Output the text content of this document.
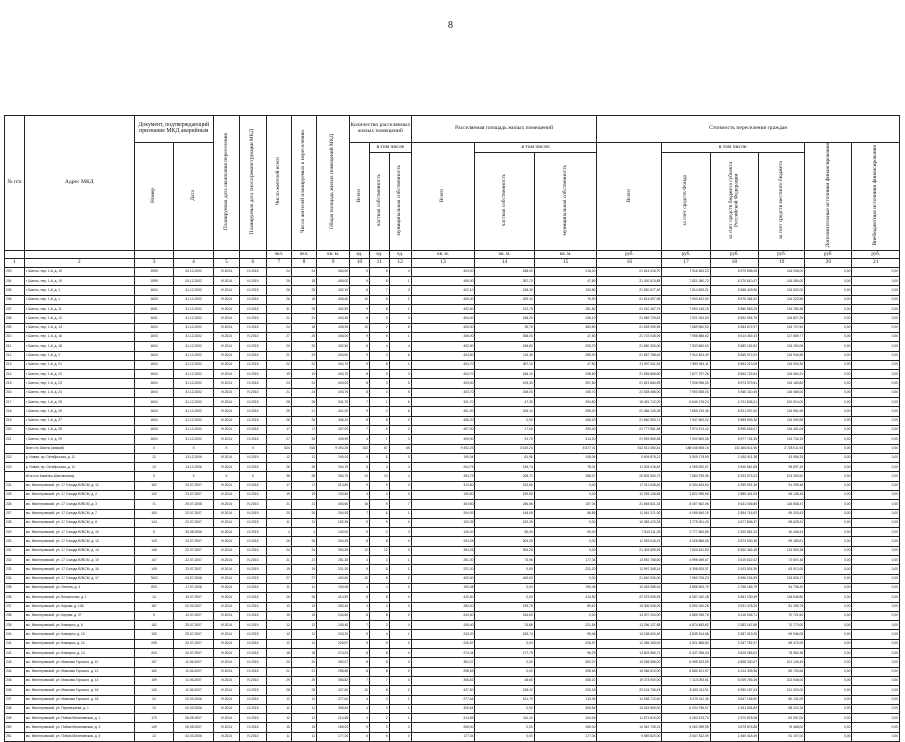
8
№ п/п	Адрес МКД	Документ, подтверждающий признание МКД аварийным		Планируемая дата окончания переселения	Планируемая дата сноса/реконструкции МКД	Число жителей всего	Число жителей планируемых к переселению	Общая площадь жилых помещений МКД	Количество расселяемых жилых помещений			Расселяемая площадь жилых помещений			Стоимость переселения граждан					
		Номер	Дата						Всего	в том числе		Всего	в том числе:		Всего	в том числе:			Дополнительные источники финансирования	Внебюджетные источники финансирования
										частная собственность	муниципальная собственность		частная собственность	муниципальная собственность		за счет средств Фонда	за счет средств бюджета субъекта Российской Федерации	за счет средств местного бюджета		
						чел.	чел.	кв. м.	ед.	ед.	ед.	кв. м.	кв. м.	кв. м.	руб.	руб.	руб.	руб.	руб.	руб.
1	2	3	4	5	6	7	8	9	10	11	12	13	14	15	16	17	18	19	20	21
203	г. Шахты, пер. 1-й, д. 19	1599	20.12.2002	IV.2014	IV.2015	24	24	404,00	9	5	4	404,00	188,00	216,00	21 614 016,70	7 916 363,23	5 579 696,05	116 006,00	0,00	0,00
204	г. Шахты, пер. 1-й, д. 19	1599	20.12.2002	IV.2014	IV.2015	25	18	405,00	9	8	1	405,00	357,70	47,80	21 420 574,85	7 821 080,72	5 370 610,07	116 084,00	0,00	0,00
205	г. Шахты, пер. 1-й, д. 1	1604	31.12.2002	IV.2014	IV.2015	26	25	402,10	8	7	3	402,10	248,30	153,80	21 530 677,40	7 814 509,21	5 568 449,96	116 502,00	0,00	0,00
206	г. Шахты, пер. 1-й, д. 1	1600	31.12.2002	IV.2014	IV.2015	26	18	405,40	10	8	2	405,40	329,10	76,30	21 614 607,58	7 903 402,50	5 676 364,52	116 220,56	0,00	0,00
207	г. Шахты, пер. 1-й, д. 11	1601	31.12.2002	IV.2014	IV.2015	31	29	402,50	9	8	1	402,50	122,75	281,60	21 010 167,79	7 690 149,15	5 580 663,25	115 780,36	0,00	0,00
208	г. Шахты, пер. 1-й, д. 12	1601	31.12.2002	IV.2014	IV.2015	21	21	404,40	8	5	3	404,40	168,20	236,10	21 569 725,61	7 921 024,53	5 592 994,75	116 827,29	0,00	0,00
209	г. Шахты, пер. 1-й, д. 14	1603	31.12.2002	IV.2014	IV.2015	24	18	405,30	10	2	8	405,30	35,70	369,50	21 528 990,55	7 889 962,53	5 584 672,97	115 707,50	0,00	0,00
210	г. Шахты, пер. 1-й, д. 16	1603	31.12.2002	IV.2014	IV.2015	27	25	406,00	9	8	1	406,00	358,00	47,80	21 722 048,09	7 955 886,62	5 614 402,43	117 659,77	0,00	0,00
211	г. Шахты, пер. 1-й, д. 18	1604	31.12.2002	IV.2014	IV.2015	20	20	402,50	8	4	4	402,50	196,80	205,70	21 650 300,00	7 933 860,60	5 580 151,62	116 294,06	0,00	0,00
212	г. Шахты, пер. 1-й, д. 2	1604	31.12.2002	IV.2014	IV.2015	21	23	404,50	9	3	6	404,50	115,36	289,00	21 657 788,45	7 912 824,49	5 565 972,03	115 944,55	0,00	0,00
213	г. Шахты, пер. 1-й, д. 21	1604	31.12.2002	IV.2014	IV.2015	22	22	404,70	9	8	1	404,70	357,10	47,50	21 597 611,92	7 889 951,11	5 564 213,09	116 093,30	0,00	0,00
214	г. Шахты, пер. 1-й, д. 22	1604	31.12.2002	IV.2014	IV.2015	19	19	404,70	8	5	3	404,70	166,10	238,60	21 535 665,60	7 877 797,26	5 564 722,64	116 064,21	0,00	0,00
215	г. Шахты, пер. 1-й, д. 23	1604	31.12.2002	IV.2014	IV.2015	24	24	403,00	8	3	5	403,00	105,30	297,80	21 621 684,59	7 926 998,30	5 573 379,61	116 163,80	0,00	0,00
216	г. Шахты, пер. 1-й, д. 24	1604	31.12.2002	IV.2014	IV.2015	21	24	403,70	8	3	5	403,70	248,00	155,70	21 528 466,00	7 903 658,00	5 560 110,45	116 466,00	0,00	0,00
217	г. Шахты, пер. 1-й, д. 25	1604	31.12.2002	IV.2014	IV.2015	28	26	341,70	7	1	6	341,70	47,30	294,50	18 491 712,09	6 640 176,24	4 701 836,21	100 914,00	0,00	0,00
218	г. Шахты, пер. 1-й, д. 26	1604	31.12.2002	IV.2014	IV.2015	25	21	401,20	9	2	6	401,20	106,10	295,20	21 466 126,28	7 855 219,36	5 521 937,62	115 961,95	0,00	0,00
219	г. Шахты, пер. 1-й, д. 27	1604	31.12.2002	IV.2014	IV.2015	26	26	406,20	8	8	0	406,20	0,00	406,20	21 660 953,71	7 947 600,02	5 589 593,35	116 090,55	0,00	0,00
220	г. Шахты, пер. 1-й, д. 28	1604	31.12.2002	IV.2014	IV.2015	17	17	407,00	7	5	2	407,00	17,00	390,00	21 777 561,58	7 974 474,42	5 595 626,07	116 461,05	0,00	0,00
221	г. Шахты, пер. 1-й, д. 29	1604	31.12.2002	IV.2014	IV.2015	27	35	405,90	4	1	3	405,90	91,70	314,20	21 593 960,58	7 902 600,08	5 577 744,35	115 716,19	0,00	0,00
	Всего по Шахты (аварий)	X	X	X	X	524	516	9 492,25	152	87	65	9 492,25	3 615,24	5 877,01	512 611 080,81	188 048 508,16	131 846 611,98	2 728 011,93	0,00	0,00
222	р. Новая, пр. Октябрьская, д. 11	12	13.12.2006	IV.2014	IV.2015	12	12	190,04	6	6	0	190,04	81,98	108,06	9 505 578,21	3 509 178,99	2 452 911,38	43 556,33	0,00	0,00
223	р. Новая, пр. Октябрьская, д. 12	13	13.12.2006	IV.2014	IV.2015	26	26	204,75	8	4	4	204,75	126,74	78,01	11 004 016,52	4 055 620,97	2 840 661,85	59 697,19	0,00	0,00
	Итого по Каменск-Шахтинскому	X	X	X	X	38	38	394,79	14	10	4	394,79	208,72	186,07	20 509 594,73	7 564 799,96	5 293 573,23	103 253,52	0,00	0,00
224	мо. Миллеровский, ул. 17 Съезда ВЛКСМ, д. 12	162	23.07.2007	IV.2014	IV.2015	17	17	313,80	9	9	0	313,80	313,80	0,00	17 011 648,40	6 354 463,54	4 399 991,38	91 295,48	0,00	0,00
225	мо. Миллеровский, ул. 17 Съезда ВЛКСМ, д. 2	142	23.07.2007	IV.2014	IV.2015	19	19	190,50	4	4	0	190,50	190,50	0,00	10 293 136,65	3 822 995,98	2 585 441,09	56 136,45	0,00	0,00
226	мо. Миллеровский, ул. 17 Съезда ВЛКСМ, д. 3	71	25.07.2008	IV.2014	IV.2015	21	21	403,60	16	9	7	403,60	246,56	157,04	21 845 621,34	8 007 562,06	5 631 046,85	116 838,47	0,00	0,00
227	мо. Миллеровский, ул. 17 Съезда ВЛКСМ, д. 7	163	22.07.2007	IV.2014	IV.2015	20	20	204,93	7	6	1	204,93	148,08	56,85	11 061 371,30	4 055 840,15	2 854 716,53	59 220,43	0,00	0,00
228	мо. Миллеровский, ул. 17 Съезда ВЛКСМ, д. 8	144	22.07.2007	IV.2014	IV.2015	11	11	192,35	5	5	0	192,35	192,35	0,00	10 383 470,33	3 779 001,43	2 677 806,37	55 625,41	0,00	0,00
229	мо. Миллеровский, ул. 17 Съезда ВЛКСМ, д. 10	5	30.05.2006	IV.2014	IV.2015	4	4	140,00	5	2	3	140,00	50,00	90,00	7 543 111,28	2 777 664,65	1 920 561,24	40 446,24	0,00	0,00
230	мо. Миллеровский, ул. 17 Съезда ВЛКСМ, д. 13	143	23.07.2007	IV.2014	IV.2015	26	26	204,25	8	8	0	204,25	204,25	0,00	11 053 516,22	4 026 866,56	2 873 000,36	59 185,61	0,00	0,00
231	мо. Миллеровский, ул. 17 Съезда ВЛКСМ, д. 14	146	22.07.2007	IV.2014	IV.2015	24	24	394,25	12	12	0	394,25	394,25	0,00	21 403 699,59	7 820 631,53	5 500 362,45	113 953,38	0,00	0,00
232	мо. Миллеровский, ул. 17 Съезда ВЛКСМ, д. 15	147	22.07.2007	IV.2014	IV.2015	21	21	251,30	4	3	1	251,30	73,96	177,34	13 592 768,60	4 996 069,67	3 515 622,02	72 607,48	0,00	0,00
233	мо. Миллеровский, ул. 17 Съезда ВЛКСМ, д. 16	149	23.07.2007	IV.2014	IV.2015	19	19	221,20	9	8	1	221,20	0,00	221,20	11 997 268,14	4 398 625,37	3 103 524,39	63 912,00	0,00	0,00
234	мо. Миллеровский, ул. 17 Съезда ВЛКСМ, д. 17	7602	04.07.2008	IV.2014	IV.2015	27	27	400,60	10	8	2	400,60	400,60	0,00	21 640 000,00	7 960 705,23	5 596 034,55	115 826,17	0,00	0,00
235	мо. Миллеровский, ул. Ленина, д. 4	833	17.07.2008	IV.2014	IV.2015	11	11	190,08	4	4	0	190,08	0,00	190,08	10 254 086,16	3 858 609,79	2 758 155,75	54 736,20	0,00	0,00
236	мо. Миллеровский, ул. Вокзальная, д. 1	14	19.07.2007	IV.2014	IV.2015	26	26	410,50	8	8	0	410,50	0,00	410,50	22 075 095,59	8 087 042,48	5 681 130,49	118 648,80	0,00	0,00
237	мо. Миллеровский, ул. Кирова, д. 13А	187	02.03.2007	IV.2014	IV.2015	13	13	283,40	4	4	0	283,40	193,78	89,62	15 306 945,09	5 592 040,28	3 931 475,29	81 159,79	0,00	0,00
238	мо. Миллеровский, ул. Кирова, д. 37	9	12.07.2007	IV.2014	IV.2015	15	15	244,60	8	8	0	244,60	244,60	0,00	13 207 204,00	4 855 296,78	3 416 046,71	70 721,60	0,00	0,00
239	мо. Миллеровский, ул. Коммуны, д. 6	152	25.07.2007	IV.2014	IV.2015	12	12	245,40	7	3	4	245,40	23,86	221,54	13 296 127,58	4 874 483,62	3 383 167,68	70 773,00	0,00	0,00
240	мо. Миллеровский, ул. Коммуны, д. 10	150	25.07.2007	IV.2014	IV.2015	12	12	243,20	5	4	1	243,20	183,74	59,46	13 158 620,40	4 835 314,68	3 387 919,26	69 946,05	0,00	0,00
241	мо. Миллеровский, ул. Коммуны, д. 12	245	22.07.2007	IV.2014	IV.2015	12	12	226,57	5	5	0	226,57	0,00	226,57	12 266 160,00	4 521 856,83	3 187 782,37	65 472,00	0,00	0,00
242	мо. Миллеровский, ул. Коммуны, д. 14	244	20.07.2007	IV.2014	IV.2015	18	18	274,04	8	8	0	274,04	177,75	96,29	14 803 960,71	5 437 296,44	3 825 265,02	78 982,36	0,00	0,00
243	мо. Миллеровский, ул. Максима Горького, д. 10	157	11.06.2007	IV.2014	IV.2015	20	20	352,07	8	8	0	352,07	0,00	352,07	19 098 986,00	6 959 323,59	4 858 330,07	101 126,45	0,00	0,00
244	мо. Миллеровский, ул. Максима Горького, д. 12	160	11.06.2007	IV.2014	IV.2015	21	21	298,65	8	8	0	298,65	0,00	298,65	16 066 510,00	5 880 421,97	4 124 305,96	85 703,66	0,00	0,00
245	мо. Миллеровский, ул. Максима Горького, д. 14	159	11.06.2007	IV.2014	IV.2015	29	29	356,82	7	7	0	356,82	48,60	308,22	19 373 900,00	7 113 093,51	5 009 783,36	102 548,00	0,00	0,00
246	мо. Миллеровский, ул. Максима Горького, д. 16	140	11.06.2007	IV.2014	IV.2015	28	28	427,60	10	8	2	427,60	218,42	209,18	23 104 706,43	8 450 411,91	5 950 197,43	121 000,00	0,00	0,00
247	мо. Миллеровский, ул. Максима Горького, д. 18	24	02.03.2006	IV.2014	IV.2015	12	12	277,64	4	3	1	277,64	161,70	115,94	14 938 712,60	5 479 411,36	3 847 145,00	80 131,00	0,00	0,00
248	мо. Миллеровский, ул. Переверзева, д. 1	12	02.03.2006	IV.2014	IV.2015	11	11	305,64	4	3	1	305,64	0,00	305,64	16 515 960,00	6 034 756,57	4 261 534,89	88 210,16	0,00	0,00
249	мо. Миллеровский, ул. Пойма Малиновская, д. 1	179	26.05.2007	IV.2014	IV.2015	12	12	214,55	3	2	1	214,55	110,10	104,45	11 573 810,00	4 252 673,73	2 970 876,08	62 057,00	0,00	0,00
250	мо. Миллеровский, ул. Пойма Малиновская, д. 3	149	26.05.2007	IV.2014	IV.2015	15	15	265,00	5	5	0	265,00	0,00	265,00	14 342 705,14	5 262 095,95	3 679 876,88	76 468,00	0,00	0,00
251	мо. Миллеровский, ул. Пойма Малиновская, д. 5	13	02.03.2006	IV.2014	IV.2015	11	11	177,04	6	6	0	177,04	0,00	177,04	9 589 820,00	3 547 812,59	2 460 418,49	51 107,00	0,00	0,00
